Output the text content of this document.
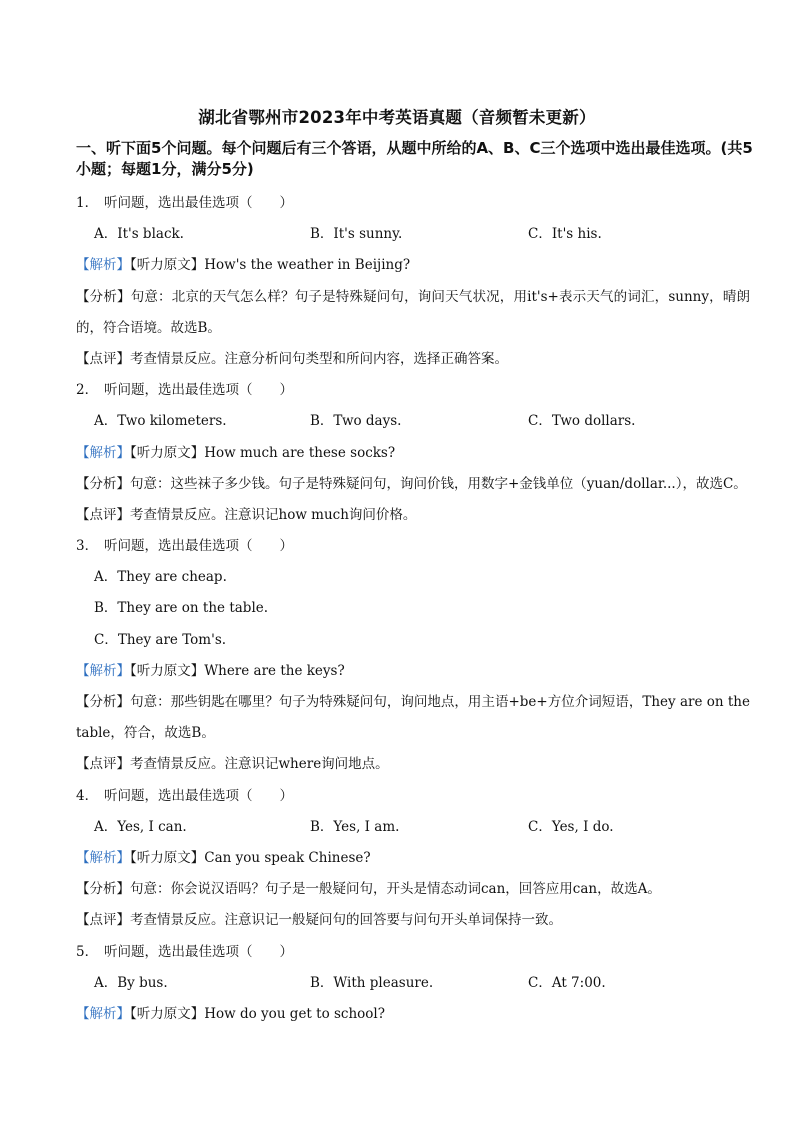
湖北省鄂州市2023年中考英语真题（音频暂未更新）
一、听下面5个问题。每个问题后有三个答语，从题中所给的A、B、C三个选项中选出最佳选项。(共5小题；每题1分，满分5分)
1． 听问题，选出最佳选项（　　）
A．It's black.	B．It's sunny.	C．It's his.
【解析】【听力原文】How's the weather in Beijing?
【分析】句意：北京的天气怎么样？句子是特殊疑问句，询问天气状况，用it's+表示天气的词汇，sunny，晴朗的，符合语境。故选B。
【点评】考查情景反应。注意分析问句类型和所问内容，选择正确答案。
2． 听问题，选出最佳选项（　　）
A．Two kilometers.	B．Two days.	C．Two dollars.
【解析】【听力原文】How much are these socks?
【分析】句意：这些袜子多少钱。句子是特殊疑问句，询问价钱，用数字+金钱单位（yuan/dollar...），故选C。
【点评】考查情景反应。注意识记how much询问价格。
3． 听问题，选出最佳选项（　　）
A．They are cheap.
B．They are on the table.
C．They are Tom's.
【解析】【听力原文】Where are the keys?
【分析】句意：那些钥匙在哪里？句子为特殊疑问句，询问地点，用主语+be+方位介词短语，They are on the table，符合，故选B。
【点评】考查情景反应。注意识记where询问地点。
4． 听问题，选出最佳选项（　　）
A．Yes, I can.	B．Yes, I am.	C．Yes, I do.
【解析】【听力原文】Can you speak Chinese?
【分析】句意：你会说汉语吗？句子是一般疑问句，开头是情态动词can，回答应用can，故选A。
【点评】考查情景反应。注意识记一般疑问句的回答要与问句开头单词保持一致。
5． 听问题，选出最佳选项（　　）
A．By bus.	B．With pleasure.	C．At 7:00.
【解析】【听力原文】How do you get to school?
